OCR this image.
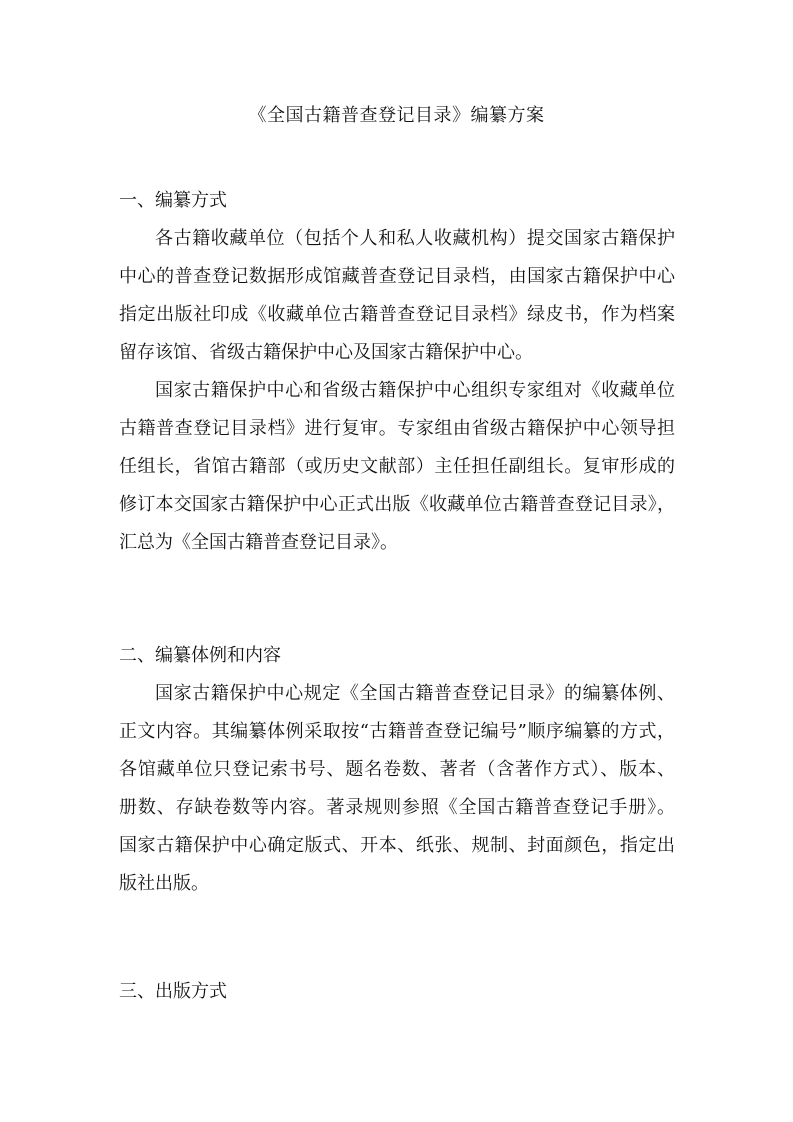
《全国古籍普查登记目录》编纂方案
一、编纂方式
各古籍收藏单位（包括个人和私人收藏机构）提交国家古籍保护
中心的普查登记数据形成馆藏普查登记目录档，由国家古籍保护中心
指定出版社印成《收藏单位古籍普查登记目录档》绿皮书，作为档案
留存该馆、省级古籍保护中心及国家古籍保护中心。
国家古籍保护中心和省级古籍保护中心组织专家组对《收藏单位
古籍普查登记目录档》进行复审。专家组由省级古籍保护中心领导担
任组长，省馆古籍部（或历史文献部）主任担任副组长。复审形成的
修订本交国家古籍保护中心正式出版《收藏单位古籍普查登记目录》，
汇总为《全国古籍普查登记目录》。
二、编纂体例和内容
国家古籍保护中心规定《全国古籍普查登记目录》的编纂体例、
正文内容。其编纂体例采取按“古籍普查登记编号”顺序编纂的方式，
各馆藏单位只登记索书号、题名卷数、著者（含著作方式）、版本、
册数、存缺卷数等内容。著录规则参照《全国古籍普查登记手册》。
国家古籍保护中心确定版式、开本、纸张、规制、封面颜色，指定出
版社出版。
三、出版方式
